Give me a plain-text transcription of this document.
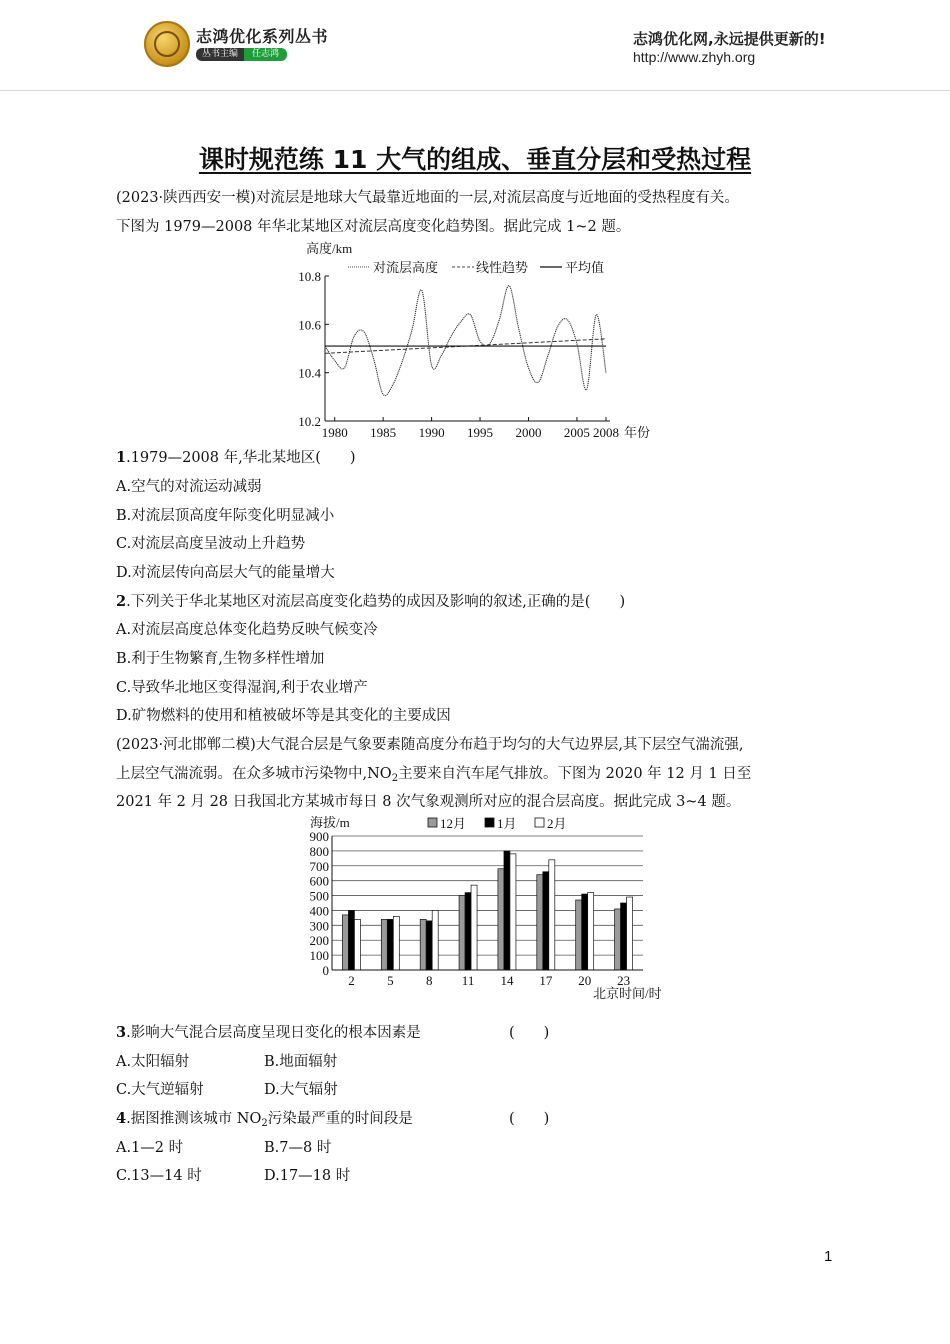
志鸿优化系列丛书
丛书主编	任志鸿
志鸿优化网,永远提供更新的!
http://www.zhyh.org
课时规范练 11 大气的组成、垂直分层和受热过程
(2023·陕西西安一模)对流层是地球大气最靠近地面的一层,对流层高度与近地面的受热程度有关。
下图为 1979—2008 年华北某地区对流层高度变化趋势图。据此完成 1~2 题。
高度/km
10.8
10.6
10.4
10.2
1980 1985 1990 1995 2000 2005 2008
对流层高度	线性趋势	平均值
年份
1.1979—2008 年,华北某地区(　　)
A.空气的对流运动减弱
B.对流层顶高度年际变化明显减小
C.对流层高度呈波动上升趋势
D.对流层传向高层大气的能量增大
2.下列关于华北某地区对流层高度变化趋势的成因及影响的叙述,正确的是(　　)
A.对流层高度总体变化趋势反映气候变冷
B.利于生物繁育,生物多样性增加
C.导致华北地区变得湿润,利于农业增产
D.矿物燃料的使用和植被破坏等是其变化的主要成因
(2023·河北邯郸二模)大气混合层是气象要素随高度分布趋于均匀的大气边界层,其下层空气湍流强,
上层空气湍流弱。在众多城市污染物中$,NO_2$主要来自汽车尾气排放。下图为 2020 年 12 月 1 日至
2021 年 2 月 28 日我国北方某城市每日 8 次气象观测所对应的混合层高度。据此完成 3~4 题。
海拔/m	12月 1月 2月
0
100
200
300
400
500
600
700
800
900
2 5 8 11 14 17 20 23
北京时间/时
3.影响大气混合层高度呈现日变化的根本因素是	(　　)
A.太阳辐射	B.地面辐射
C.大气逆辐射	D.大气辐射
4.据图推测该城市 $NO_2$污染最严重的时间段是	(　　)
A.1—2 时	B.7—8 时
C.13—14 时	D.17—18 时
1
